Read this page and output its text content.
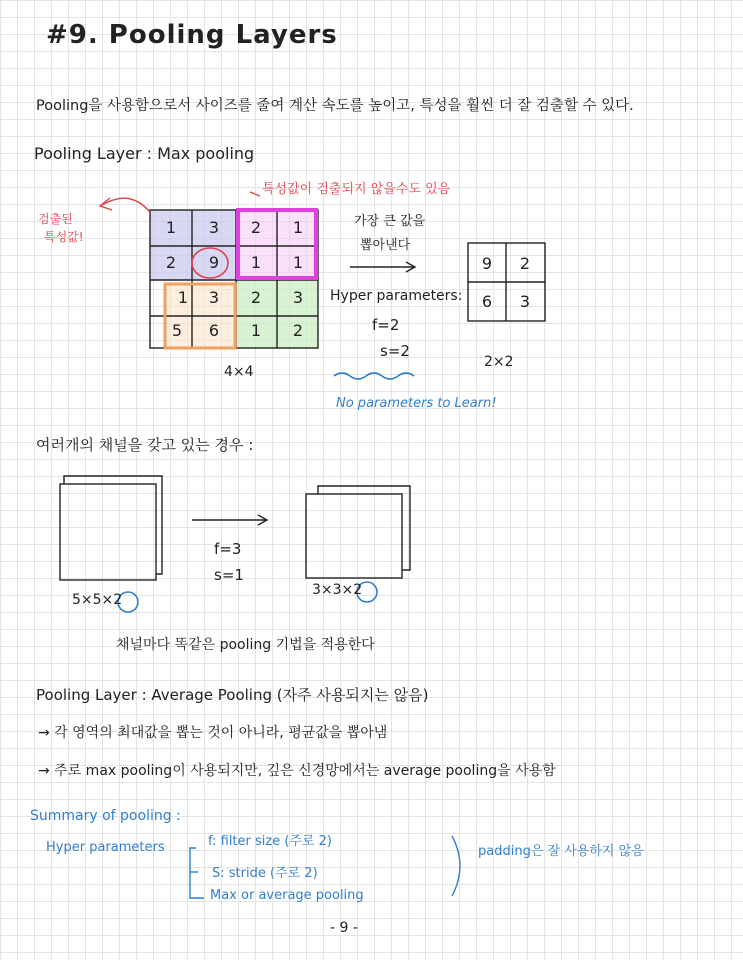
#9. Pooling Layers
Pooling을 사용함으로서 사이즈를 줄여 계산 속도를 높이고, 특성을 훨씬 더 잘 검출할 수 있다.
Pooling Layer : Max pooling
검출된
특성값!
특성값이 검출되지 않을수도 있음
가장 큰 값을
뽑아낸다
1	3	2	1
2	9	1	1
1	3	2	3
5	6	1	2
4×4
Hyper parameters:
f=2
s=2
9	2
6	3
2×2
No parameters to Learn!
여러개의 채널을 갖고 있는 경우 :
f=3
s=1
5×5×2
3×3×2
채널마다 똑같은 pooling 기법을 적용한다
Pooling Layer : Average Pooling (자주 사용되지는 않음)
→ 각 영역의 최대값을 뽑는 것이 아니라, 평균값을 뽑아냄
→ 주로 max pooling이 사용되지만, 깊은 신경망에서는 average pooling을 사용함
Summary of pooling :
Hyper parameters	f: filter size (주로 2)
S: stride (주로 2)
Max or average pooling
padding은 잘 사용하지 않음
- 9 -
